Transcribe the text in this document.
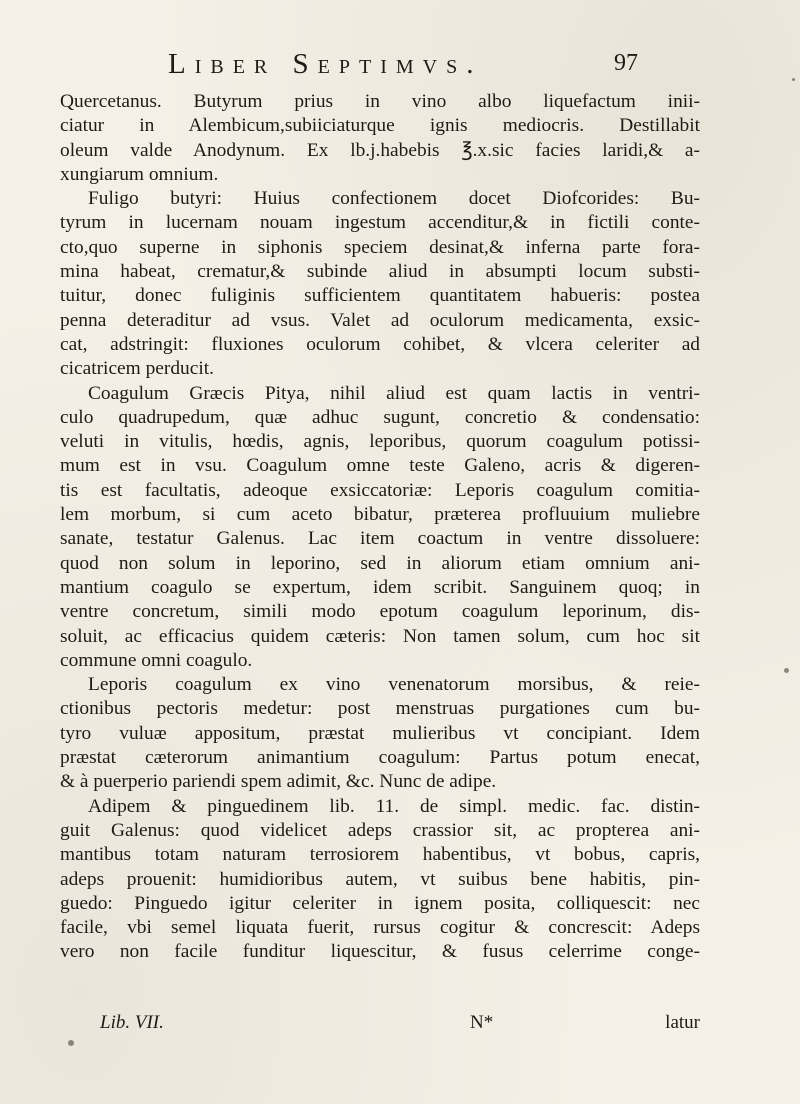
Liber Septimvs.	97
Quercetanus. Butyrum prius in vino albo liquefactum inii-
ciatur in Alembicum,subiiciaturque ignis mediocris. Destillabit
oleum valde Anodynum. Ex lb.j.habebis ℥.x.sic facies laridi,& a-
xungiarum omnium.
Fuligo butyri: Huius confectionem docet Diofcorides: Bu-
tyrum in lucernam nouam ingestum accenditur,& in fictili conte-
cto,quo superne in siphonis speciem desinat,& inferna parte fora-
mina habeat, crematur,& subinde aliud in absumpti locum substi-
tuitur, donec fuliginis sufficientem quantitatem habueris: postea
penna deteraditur ad vsus. Valet ad oculorum medicamenta, exsic-
cat, adstringit: fluxiones oculorum cohibet, & vlcera celeriter ad
cicatricem perducit.
Coagulum Græcis Pitya, nihil aliud est quam lactis in ventri-
culo quadrupedum, quæ adhuc sugunt, concretio & condensatio:
veluti in vitulis, hœdis, agnis, leporibus, quorum coagulum potissi-
mum est in vsu. Coagulum omne teste Galeno, acris & digeren-
tis est facultatis, adeoque exsiccatoriæ: Leporis coagulum comitia-
lem morbum, si cum aceto bibatur, præterea profluuium muliebre
sanate, testatur Galenus. Lac item coactum in ventre dissoluere:
quod non solum in leporino, sed in aliorum etiam omnium ani-
mantium coagulo se expertum, idem scribit. Sanguinem quoq; in
ventre concretum, simili modo epotum coagulum leporinum, dis-
soluit, ac efficacius quidem cæteris: Non tamen solum, cum hoc sit
commune omni coagulo.
Leporis coagulum ex vino venenatorum morsibus, & reie-
ctionibus pectoris medetur: post menstruas purgationes cum bu-
tyro vuluæ appositum, præstat mulieribus vt concipiant. Idem
præstat cæterorum animantium coagulum: Partus potum enecat,
& à puerperio pariendi spem adimit, &c. Nunc de adipe.
Adipem & pinguedinem lib. 11. de simpl. medic. fac. distin-
guit Galenus: quod videlicet adeps crassior sit, ac propterea ani-
mantibus totam naturam terrosiorem habentibus, vt bobus, capris,
adeps prouenit: humidioribus autem, vt suibus bene habitis, pin-
guedo: Pinguedo igitur celeriter in ignem posita, colliquescit: nec
facile, vbi semel liquata fuerit, rursus cogitur & concrescit: Adeps
vero non facile funditur liquescitur, & fusus celerrime conge-
Lib. VII.	N*	latur
